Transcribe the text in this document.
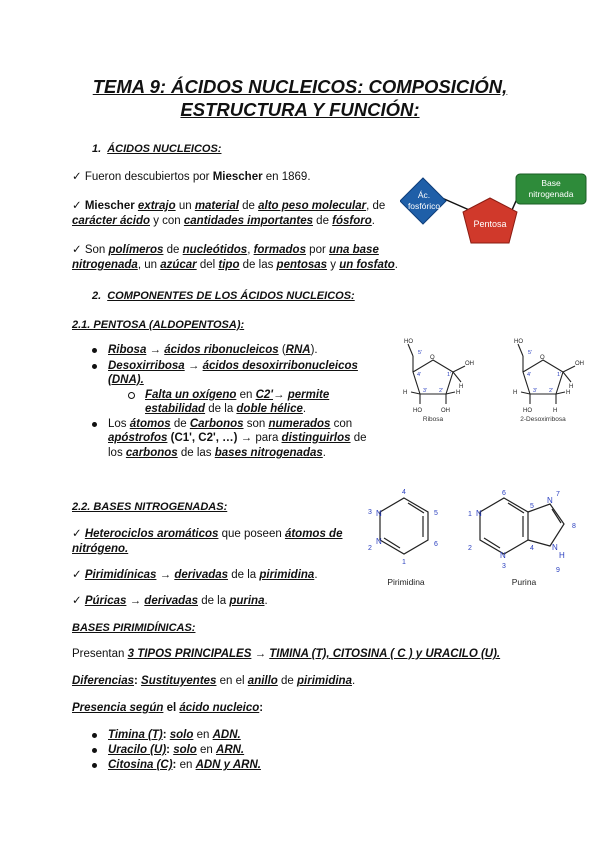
TEMA 9: ÁCIDOS NUCLEICOS: COMPOSICIÓN,
ESTRUCTURA Y FUNCIÓN:
1. ÁCIDOS NUCLEICOS:
✓ Fueron descubiertos por Miescher en 1869.
✓ Miescher extrajo un material de alto peso molecular, de
carácter ácido y con cantidades importantes de fósforo.
✓ Son polímeros de nucleótidos, formados por una base
nitrogenada, un azúcar del tipo de las pentosas y un fosfato.
Ác.
fosfórico
Pentosa
Base
nitrogenada
2. COMPONENTES DE LOS ÁCIDOS NUCLEICOS:
2.1. PENTOSA (ALDOPENTOSA):
Ribosa → ácidos ribonucleicos (RNA).
Desoxirribosa → ácidos desoxirribonucleicos
(DNA).
Falta un oxígeno en C2'→ permite
estabilidad de la doble hélice.
Los átomos de Carbonos son numerados con
apóstrofos (C1', C2', …) → para distinguirlos de
los carbonos de las bases nitrogenadas.
O
HO
OH
H
H	H
HO	OH
5'
4'	1'
3' 2'
Ribosa
O
HO
OH
H
H	H
HO	H
5'
4'	1'
3' 2'
2-Desoxirribosa
2.2. BASES NITROGENADAS:
✓ Heterociclos aromáticos que poseen átomos de
nitrógeno.
✓ Pirimidínicas → derivadas de la pirimidina.
✓ Púricas → derivadas de la purina.
N
N
4
5
6
1
3
2
Pirimidina
N
N
N
N
H
6
1
2
3
4
5
7
8
9
Purina
BASES PIRIMIDÍNICAS:
Presentan 3 TIPOS PRINCIPALES → TIMINA (T), CITOSINA ( C ) y URACILO (U).
Diferencias: Sustituyentes en el anillo de pirimidina.
Presencia según el ácido nucleico:
Timina (T): solo en ADN.
Uracilo (U): solo en ARN.
Citosina (C): en ADN y ARN.
